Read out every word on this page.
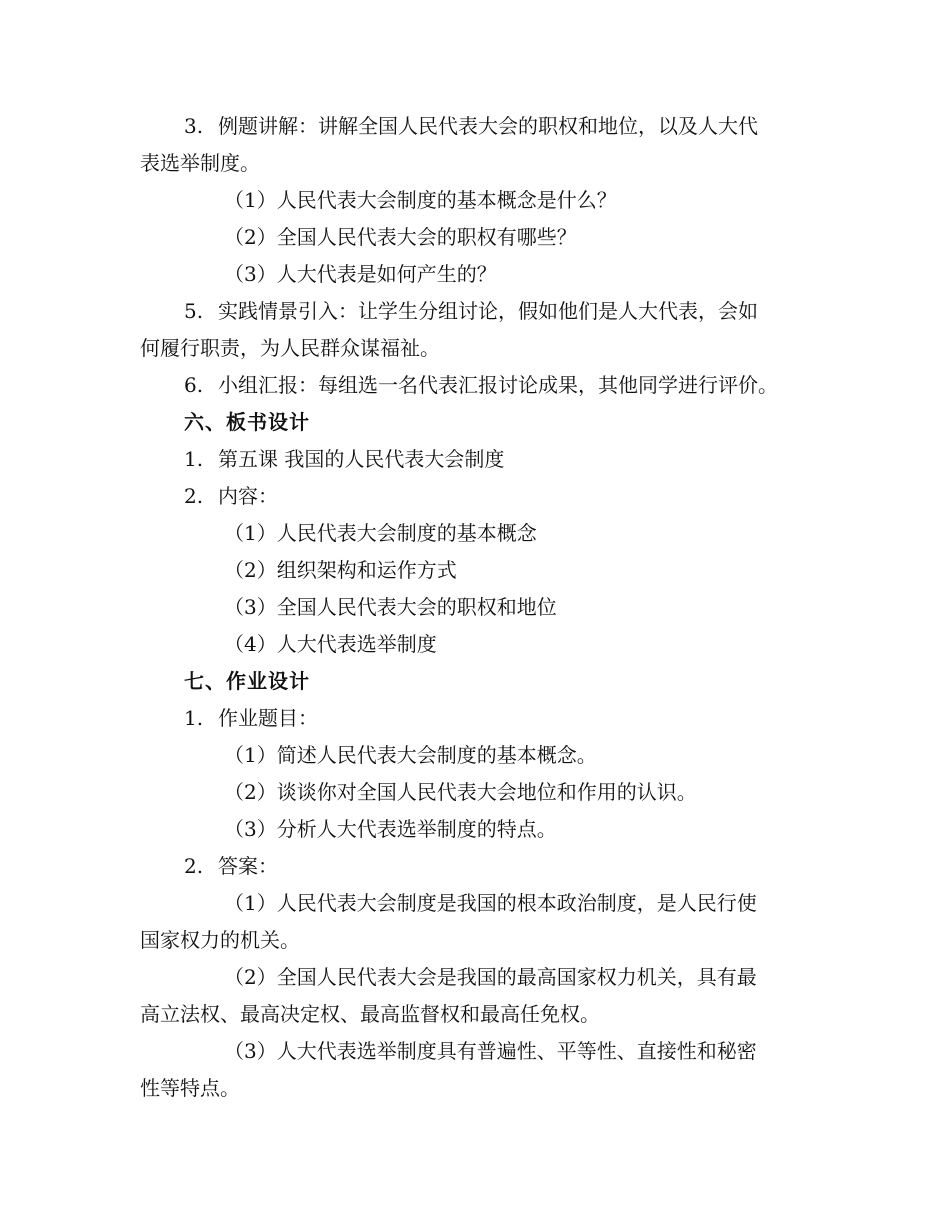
3. 例题讲解：讲解全国人民代表大会的职权和地位，以及人大代
表选举制度。
（1）人民代表大会制度的基本概念是什么？
（2）全国人民代表大会的职权有哪些？
（3）人大代表是如何产生的？
5. 实践情景引入：让学生分组讨论，假如他们是人大代表，会如
何履行职责，为人民群众谋福祉。
6. 小组汇报：每组选一名代表汇报讨论成果，其他同学进行评价。
六、板书设计
1. 第五课 我国的人民代表大会制度
2. 内容：
（1）人民代表大会制度的基本概念
（2）组织架构和运作方式
（3）全国人民代表大会的职权和地位
（4）人大代表选举制度
七、作业设计
1. 作业题目：
（1）简述人民代表大会制度的基本概念。
（2）谈谈你对全国人民代表大会地位和作用的认识。
（3）分析人大代表选举制度的特点。
2. 答案：
（1）人民代表大会制度是我国的根本政治制度，是人民行使
国家权力的机关。
（2）全国人民代表大会是我国的最高国家权力机关，具有最
高立法权、最高决定权、最高监督权和最高任免权。
（3）人大代表选举制度具有普遍性、平等性、直接性和秘密
性等特点。
